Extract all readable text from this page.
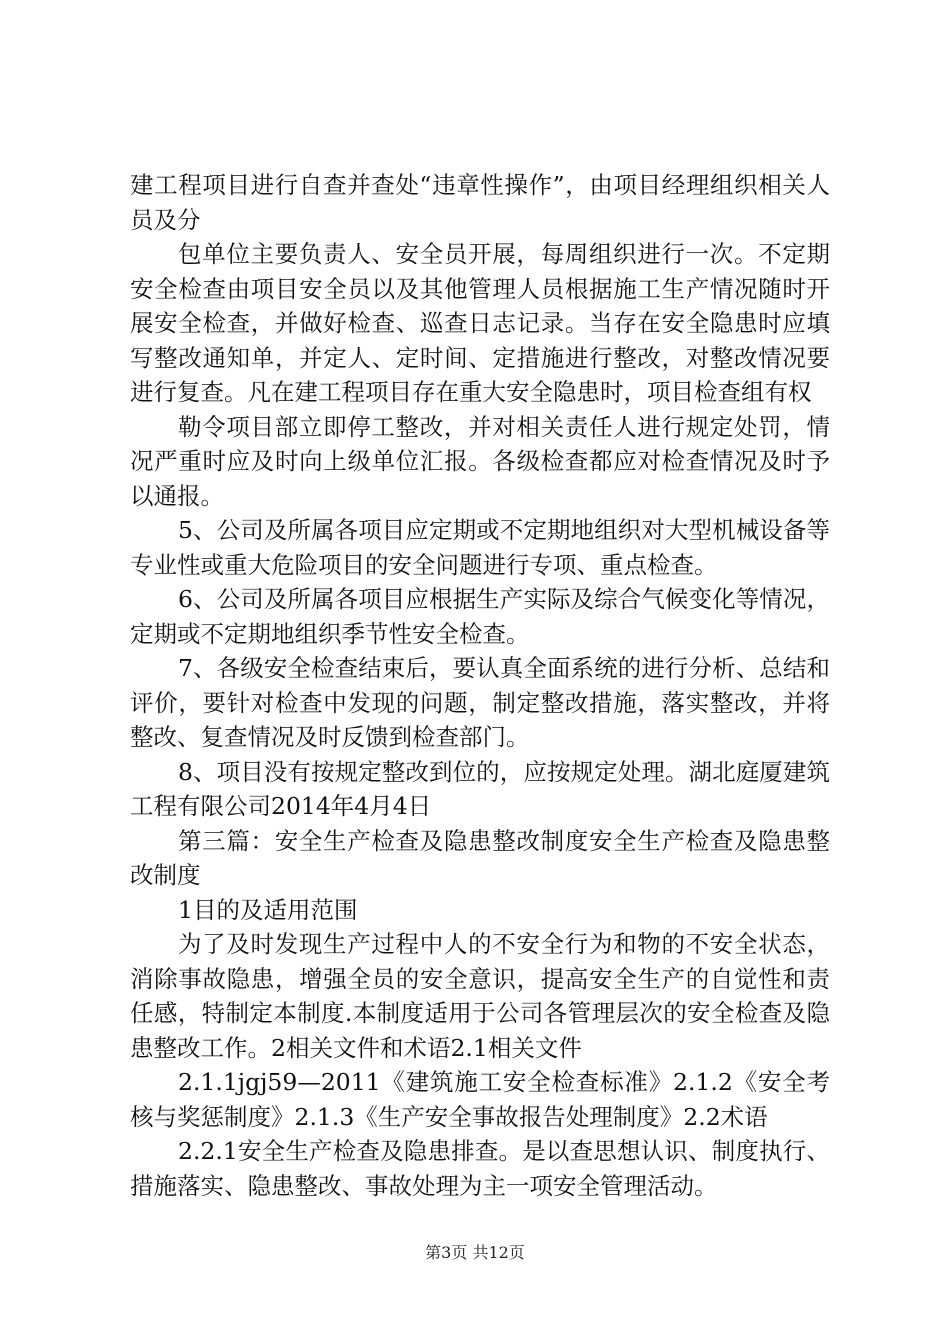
建工程项目进行自查并查处“违章性操作”，由项目经理组织相关人员及分

包单位主要负责人、安全员开展，每周组织进行一次。不定期安全检查由项目安全员以及其他管理人员根据施工生产情况随时开展安全检查，并做好检查、巡查日志记录。当存在安全隐患时应填写整改通知单，并定人、定时间、定措施进行整改，对整改情况要进行复查。凡在建工程项目存在重大安全隐患时，项目检查组有权

勒令项目部立即停工整改，并对相关责任人进行规定处罚，情况严重时应及时向上级单位汇报。各级检查都应对检查情况及时予以通报。

5、公司及所属各项目应定期或不定期地组织对大型机械设备等专业性或重大危险项目的安全问题进行专项、重点检查。

6、公司及所属各项目应根据生产实际及综合气候变化等情况，定期或不定期地组织季节性安全检查。

7、各级安全检查结束后，要认真全面系统的进行分析、总结和评价，要针对检查中发现的问题，制定整改措施，落实整改，并将整改、复查情况及时反馈到检查部门。

8、项目没有按规定整改到位的，应按规定处理。湖北庭厦建筑工程有限公司2014年4月4日

第三篇：安全生产检查及隐患整改制度安全生产检查及隐患整改制度

1目的及适用范围

为了及时发现生产过程中人的不安全行为和物的不安全状态，消除事故隐患，增强全员的安全意识，提高安全生产的自觉性和责任感，特制定本制度.本制度适用于公司各管理层次的安全检查及隐患整改工作。2相关文件和术语2.1相关文件

2.1.1jgj59—2011《建筑施工安全检查标准》2.1.2《安全考核与奖惩制度》2.1.3《生产安全事故报告处理制度》2.2术语

2.2.1安全生产检查及隐患排查。是以查思想认识、制度执行、措施落实、隐患整改、事故处理为主一项安全管理活动。

第3页 共12页
